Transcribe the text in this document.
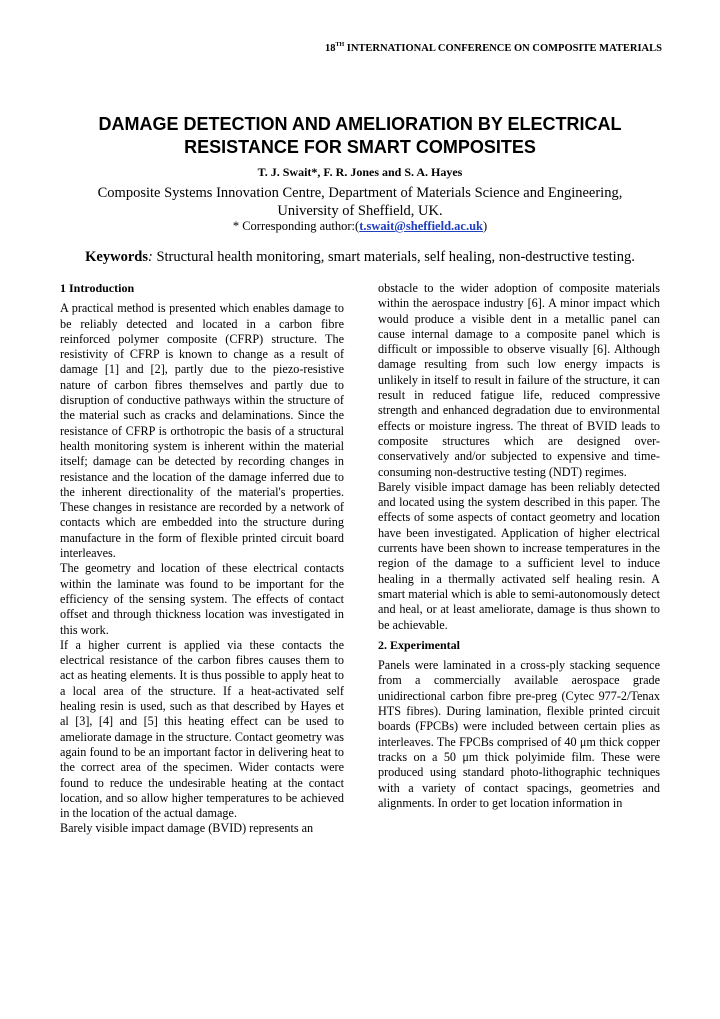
18TH INTERNATIONAL CONFERENCE ON COMPOSITE MATERIALS
DAMAGE DETECTION AND AMELIORATION BY ELECTRICAL
RESISTANCE FOR SMART COMPOSITES
T. J. Swait*, F. R. Jones and S. A. Hayes
Composite Systems Innovation Centre, Department of Materials Science and Engineering,
University of Sheffield, UK.
* Corresponding author:(t.swait@sheffield.ac.uk)
Keywords: Structural health monitoring, smart materials, self healing, non-destructive testing.
1 Introduction

A practical method is presented which enables damage to be reliably detected and located in a carbon fibre reinforced polymer composite (CFRP) structure. The resistivity of CFRP is known to change as a result of damage [1] and [2], partly due to the piezo-resistive nature of carbon fibres themselves and partly due to disruption of conductive pathways within the structure of the material such as cracks and delaminations. Since the resistance of CFRP is orthotropic the basis of a structural health monitoring system is inherent within the material itself; damage can be detected by recording changes in resistance and the location of the damage inferred due to the inherent directionality of the material's properties. These changes in resistance are recorded by a network of contacts which are embedded into the structure during manufacture in the form of flexible printed circuit board interleaves.

The geometry and location of these electrical contacts within the laminate was found to be important for the efficiency of the sensing system. The effects of contact offset and through thickness location was investigated in this work.

If a higher current is applied via these contacts the electrical resistance of the carbon fibres causes them to act as heating elements. It is thus possible to apply heat to a local area of the structure. If a heat-activated self healing resin is used, such as that described by Hayes et al [3], [4] and [5] this heating effect can be used to ameliorate damage in the structure. Contact geometry was again found to be an important factor in delivering heat to the correct area of the specimen. Wider contacts were found to reduce the undesirable heating at the contact location, and so allow higher temperatures to be achieved in the location of the actual damage.

Barely visible impact damage (BVID) represents an

obstacle to the wider adoption of composite materials within the aerospace industry [6]. A minor impact which would produce a visible dent in a metallic panel can cause internal damage to a composite panel which is difficult or impossible to observe visually [6]. Although damage resulting from such low energy impacts is unlikely in itself to result in failure of the structure, it can result in reduced fatigue life, reduced compressive strength and enhanced degradation due to environmental effects or moisture ingress. The threat of BVID leads to composite structures which are designed over-conservatively and/or subjected to expensive and time-consuming non-destructive testing (NDT) regimes.

Barely visible impact damage has been reliably detected and located using the system described in this paper. The effects of some aspects of contact geometry and location have been investigated. Application of higher electrical currents have been shown to increase temperatures in the region of the damage to a sufficient level to induce healing in a thermally activated self healing resin. A smart material which is able to semi-autonomously detect and heal, or at least ameliorate, damage is thus shown to be achievable.

2. Experimental

Panels were laminated in a cross-ply stacking sequence from a commercially available aerospace grade unidirectional carbon fibre pre-preg (Cytec 977-2/Tenax HTS fibres). During lamination, flexible printed circuit boards (FPCBs) were included between certain plies as interleaves. The FPCBs comprised of 40 μm thick copper tracks on a 50 μm thick polyimide film. These were produced using standard photo-lithographic techniques with a variety of contact spacings, geometries and alignments. In order to get location information in
